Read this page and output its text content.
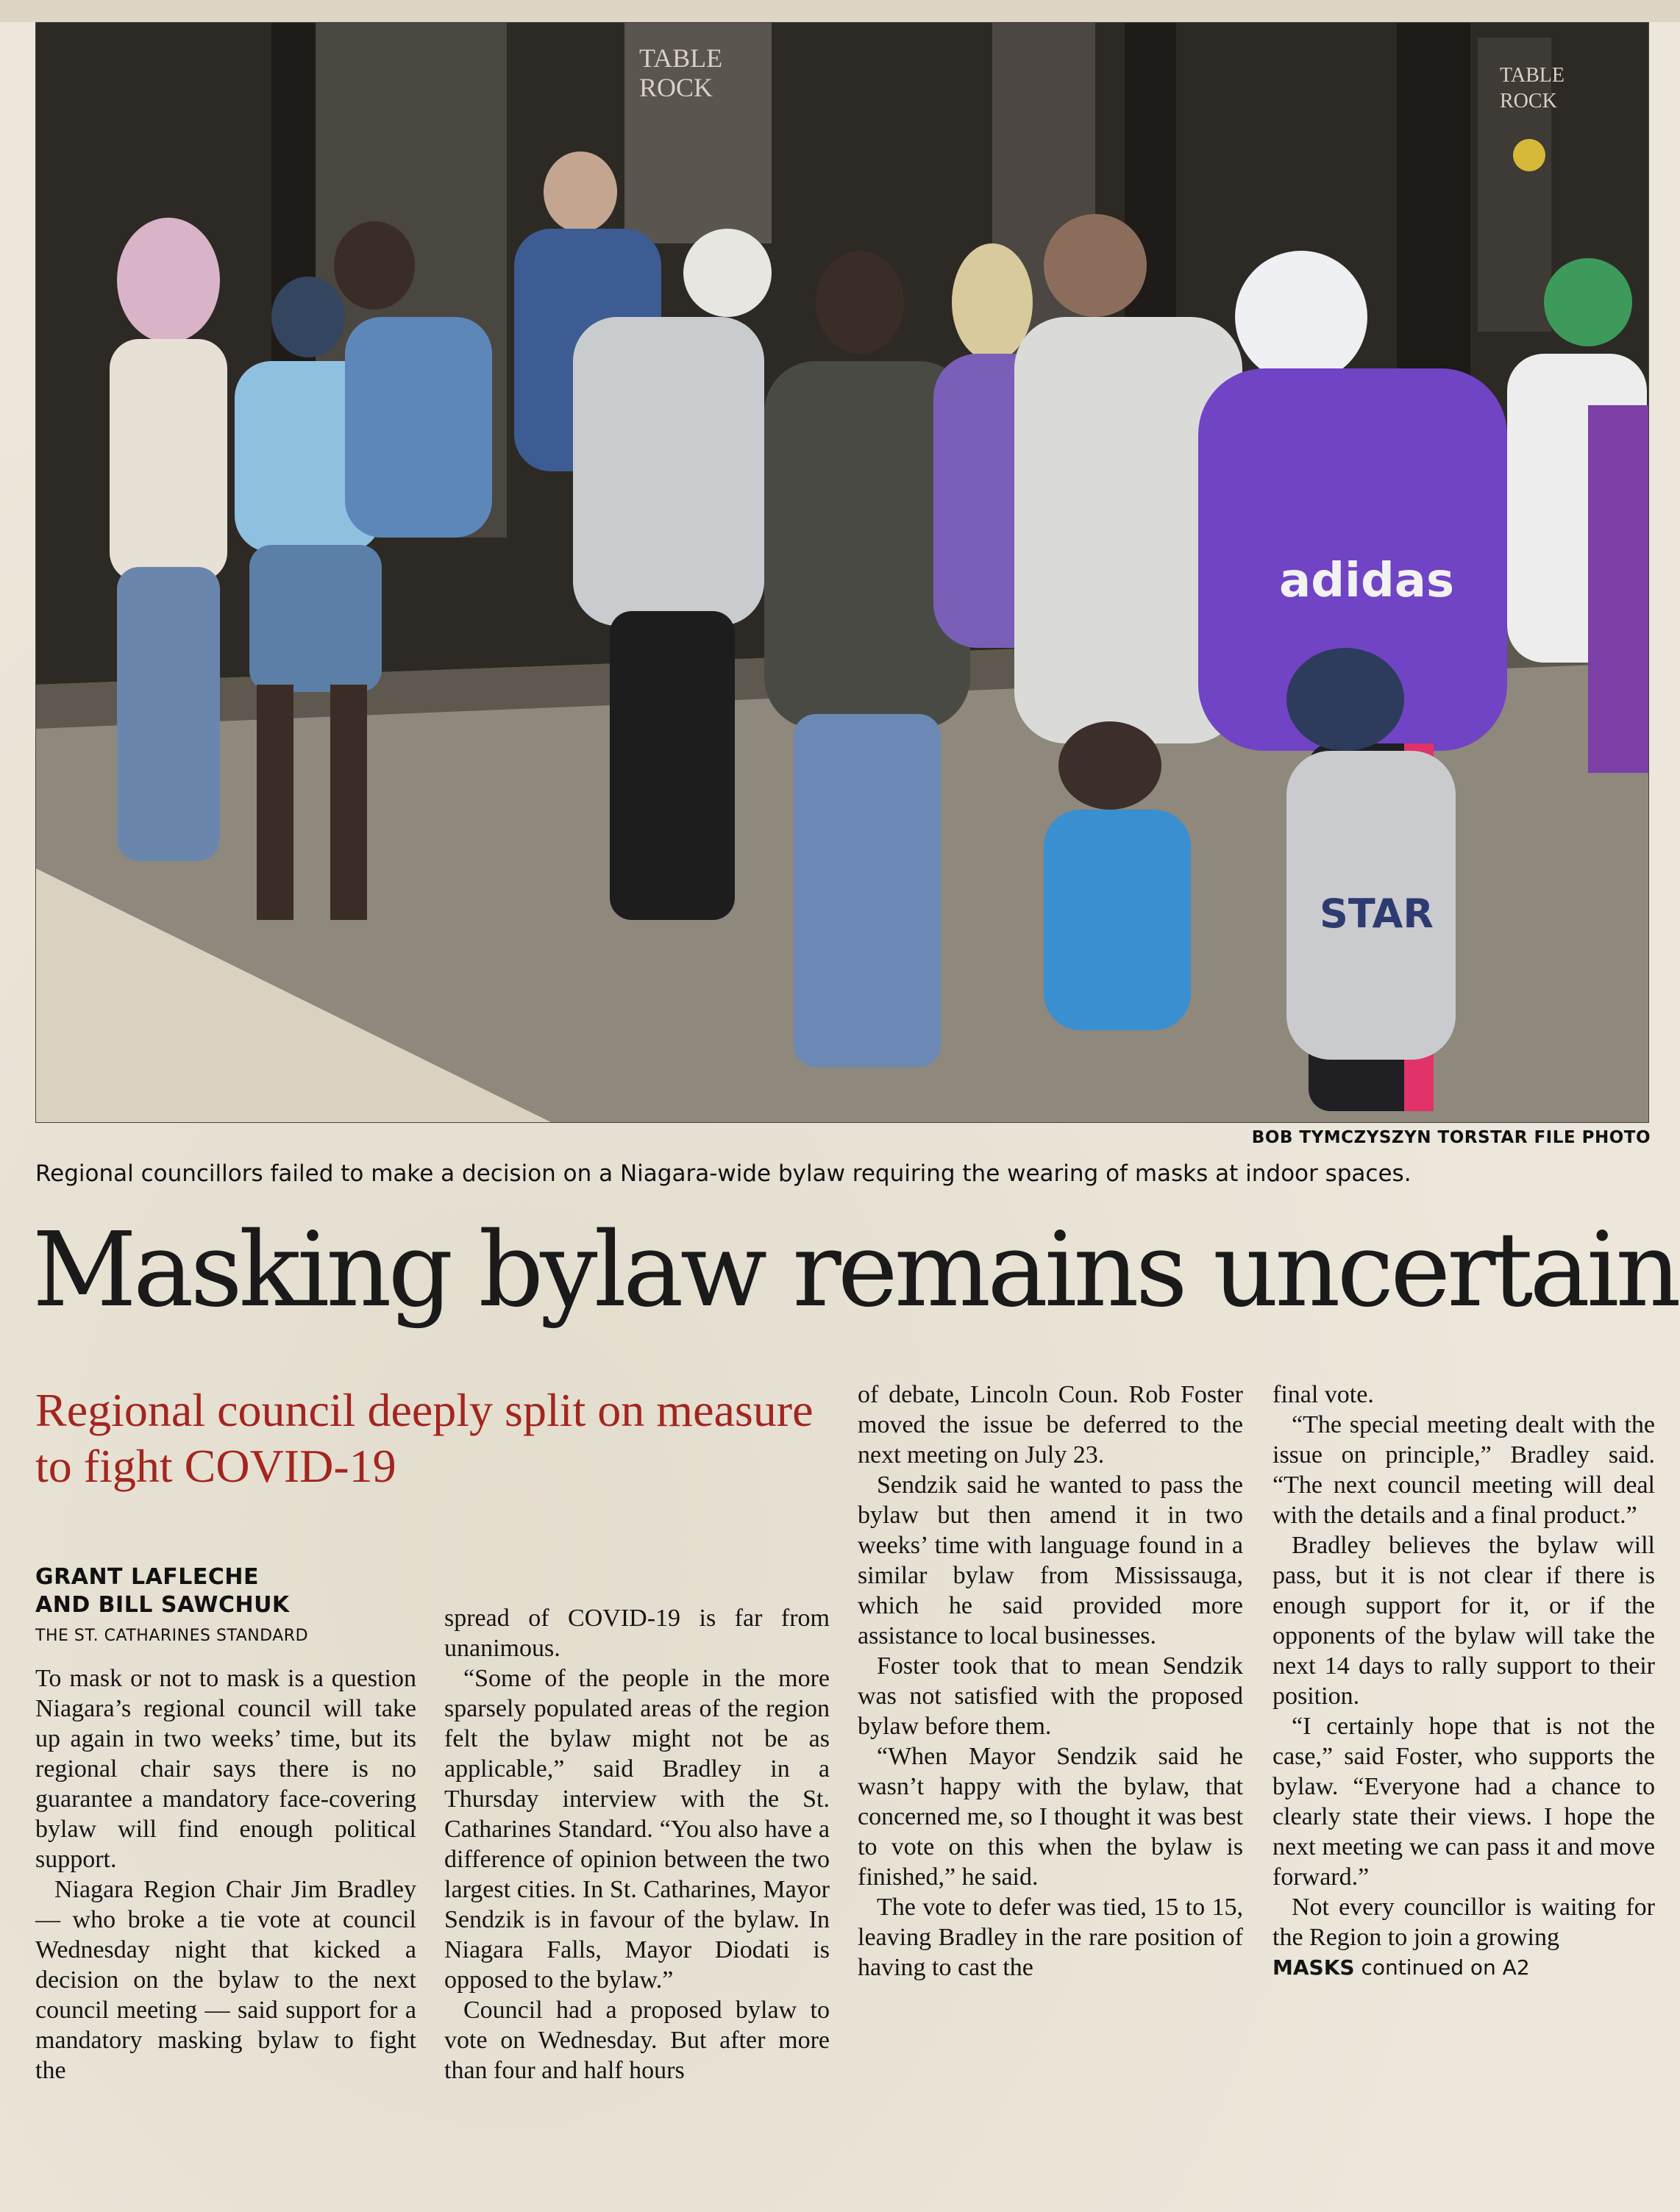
TABLE
ROCK	TABLE
ROCK
adidas
STAR
BOB TYMCZYSZYN TORSTAR FILE PHOTO
Regional councillors failed to make a decision on a Niagara-wide bylaw requiring the wearing of masks at indoor spaces.
Masking bylaw remains uncertain
Regional council deeply split on measure to fight COVID-19
GRANT LAFLECHE
AND BILL SAWCHUK
THE ST. CATHARINES STANDARD

To mask or not to mask is a question Niagara’s regional council will take up again in two weeks’ time, but its regional chair says there is no guarantee a mandatory face-covering bylaw will find enough political support.

Niagara Region Chair Jim Bradley — who broke a tie vote at council Wednesday night that kicked a decision on the bylaw to the next council meeting — said support for a mandatory masking bylaw to fight the

spread of COVID-19 is far from unanimous.

“Some of the people in the more sparsely populated areas of the region felt the bylaw might not be as applicable,” said Bradley in a Thursday interview with the St. Catharines Standard. “You also have a difference of opinion between the two largest cities. In St. Catharines, Mayor Sendzik is in favour of the bylaw. In Niagara Falls, Mayor Diodati is opposed to the bylaw.”

Council had a proposed bylaw to vote on Wednesday. But after more than four and half hours

of debate, Lincoln Coun. Rob Foster moved the issue be deferred to the next meeting on July 23.

Sendzik said he wanted to pass the bylaw but then amend it in two weeks’ time with language found in a similar bylaw from Mississauga, which he said provided more assistance to local businesses.

Foster took that to mean Sendzik was not satisfied with the proposed bylaw before them.

“When Mayor Sendzik said he wasn’t happy with the bylaw, that concerned me, so I thought it was best to vote on this when the bylaw is finished,” he said.

The vote to defer was tied, 15 to 15, leaving Bradley in the rare position of having to cast the

final vote.

“The special meeting dealt with the issue on principle,” Bradley said. “The next council meeting will deal with the details and a final product.”

Bradley believes the bylaw will pass, but it is not clear if there is enough support for it, or if the opponents of the bylaw will take the next 14 days to rally support to their position.

“I certainly hope that is not the case,” said Foster, who supports the bylaw. “Everyone had a chance to clearly state their views. I hope the next meeting we can pass it and move forward.”

Not every councillor is waiting for the Region to join a growing

MASKS continued on A2
